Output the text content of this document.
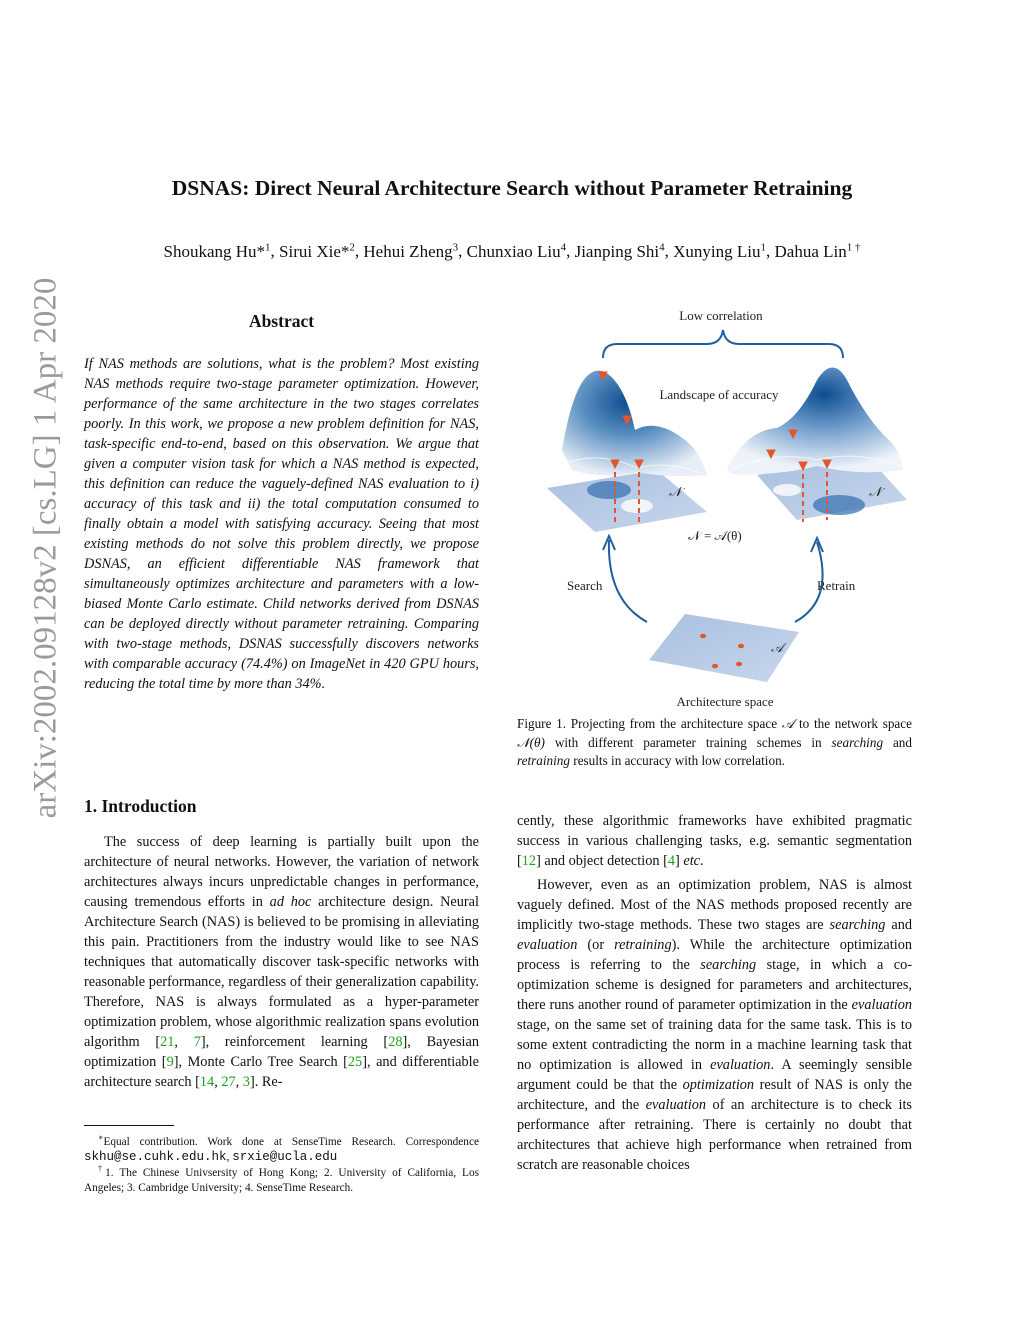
arXiv:2002.09128v2 [cs.LG] 1 Apr 2020
DSNAS: Direct Neural Architecture Search without Parameter Retraining
Shoukang Hu*$^1$, Sirui Xie*$^2$, Hehui Zheng$^3$, Chunxiao Liu$^4$, Jianping Shi$^4$, Xunying Liu$^1$, Dahua Lin$^{1 \dagger}$
Abstract
If NAS methods are solutions, what is the problem? Most existing NAS methods require two-stage parameter optimization. However, performance of the same architecture in the two stages correlates poorly. In this work, we propose a new problem definition for NAS, task-specific end-to-end, based on this observation. We argue that given a computer vision task for which a NAS method is expected, this definition can reduce the vaguely-defined NAS evaluation to i) accuracy of this task and ii) the total computation consumed to finally obtain a model with satisfying accuracy. Seeing that most existing methods do not solve this problem directly, we propose DSNAS, an efficient differentiable NAS framework that simultaneously optimizes architecture and parameters with a low-biased Monte Carlo estimate. Child networks derived from DSNAS can be deployed directly without parameter retraining. Comparing with two-stage methods, DSNAS successfully discovers networks with comparable accuracy (74.4%) on ImageNet in 420 GPU hours, reducing the total time by more than 34%.
1. Introduction
The success of deep learning is partially built upon the architecture of neural networks. However, the variation of network architectures always incurs unpredictable changes in performance, causing tremendous efforts in ad hoc architecture design. Neural Architecture Search (NAS) is believed to be promising in alleviating this pain. Practitioners from the industry would like to see NAS techniques that automatically discover task-specific networks with reasonable performance, regardless of their generalization capability. Therefore, NAS is always formulated as a hyper-parameter optimization problem, whose algorithmic realization spans evolution algorithm [21, 7], reinforcement learning [28], Bayesian optimization [9], Monte Carlo Tree Search [25], and differentiable architecture search [14, 27, 3]. Re-
∗Equal contribution. Work done at SenseTime Research. Correspondence skhu@se.cuhk.edu.hk, srxie@ucla.edu
†1. The Chinese Univsersity of Hong Kong; 2. University of California, Los Angeles; 3. Cambridge University; 4. SenseTime Research.
Low correlation
Landscape of accuracy
𝒩	𝒩
𝒩 = 𝒜(θ)
Search	Retrain
𝒜
Architecture space
Figure 1. Projecting from the architecture space 𝒜 to the network space 𝒩(θ) with different parameter training schemes in searching and retraining results in accuracy with low correlation.

cently, these algorithmic frameworks have exhibited pragmatic success in various challenging tasks, e.g. semantic segmentation [12] and object detection [4] etc.

However, even as an optimization problem, NAS is almost vaguely defined. Most of the NAS methods proposed recently are implicitly two-stage methods. These two stages are searching and evaluation (or retraining). While the architecture optimization process is referring to the searching stage, in which a co-optimization scheme is designed for parameters and architectures, there runs another round of parameter optimization in the evaluation stage, on the same set of training data for the same task. This is to some extent contradicting the norm in a machine learning task that no optimization is allowed in evaluation. A seemingly sensible argument could be that the optimization result of NAS is only the architecture, and the evaluation of an architecture is to check its performance after retraining. There is certainly no doubt that architectures that achieve high performance when retrained from scratch are reasonable choices
